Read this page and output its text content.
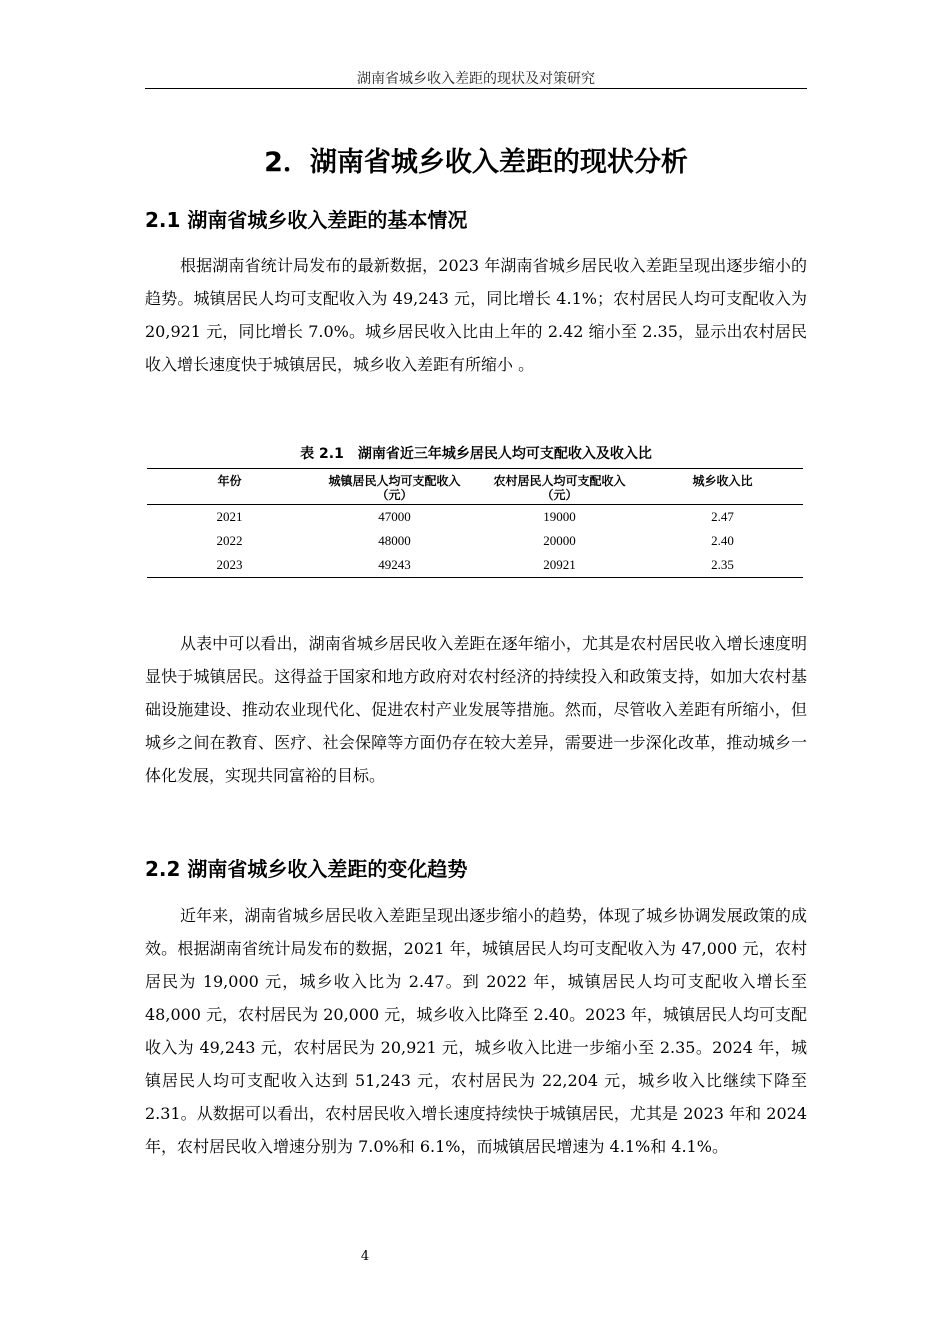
湖南省城乡收入差距的现状及对策研究
2．湖南省城乡收入差距的现状分析
2.1 湖南省城乡收入差距的基本情况

根据湖南省统计局发布的最新数据，2023 年湖南省城乡居民收入差距呈现出逐步缩小的趋势。城镇居民人均可支配收入为 49,243 元，同比增长 4.1%；农村居民人均可支配收入为 20,921 元，同比增长 7.0%。城乡居民收入比由上年的 2.42 缩小至 2.35，显示出农村居民收入增长速度快于城镇居民，城乡收入差距有所缩小 。

表 2.1　湖南省近三年城乡居民人均可支配收入及收入比
年份	城镇居民人均可支配收入（元）	农村居民人均可支配收入（元）	城乡收入比
2021	47000	19000	2.47
2022	48000	20000	2.40
2023	49243	20921	2.35

从表中可以看出，湖南省城乡居民收入差距在逐年缩小，尤其是农村居民收入增长速度明显快于城镇居民。这得益于国家和地方政府对农村经济的持续投入和政策支持，如加大农村基础设施建设、推动农业现代化、促进农村产业发展等措施。然而，尽管收入差距有所缩小，但城乡之间在教育、医疗、社会保障等方面仍存在较大差异，需要进一步深化改革，推动城乡一体化发展，实现共同富裕的目标。

2.2 湖南省城乡收入差距的变化趋势

近年来，湖南省城乡居民收入差距呈现出逐步缩小的趋势，体现了城乡协调发展政策的成效。根据湖南省统计局发布的数据，2021 年，城镇居民人均可支配收入为 47,000 元，农村居民为 19,000 元，城乡收入比为 2.47。到 2022 年，城镇居民人均可支配收入增长至 48,000 元，农村居民为 20,000 元，城乡收入比降至 2.40。2023 年，城镇居民人均可支配收入为 49,243 元，农村居民为 20,921 元，城乡收入比进一步缩小至 2.35。2024 年，城镇居民人均可支配收入达到 51,243 元，农村居民为 22,204 元，城乡收入比继续下降至 2.31。从数据可以看出，农村居民收入增长速度持续快于城镇居民，尤其是 2023 年和 2024 年，农村居民收入增速分别为 7.0%和 6.1%，而城镇居民增速为 4.1%和 4.1%。

4
